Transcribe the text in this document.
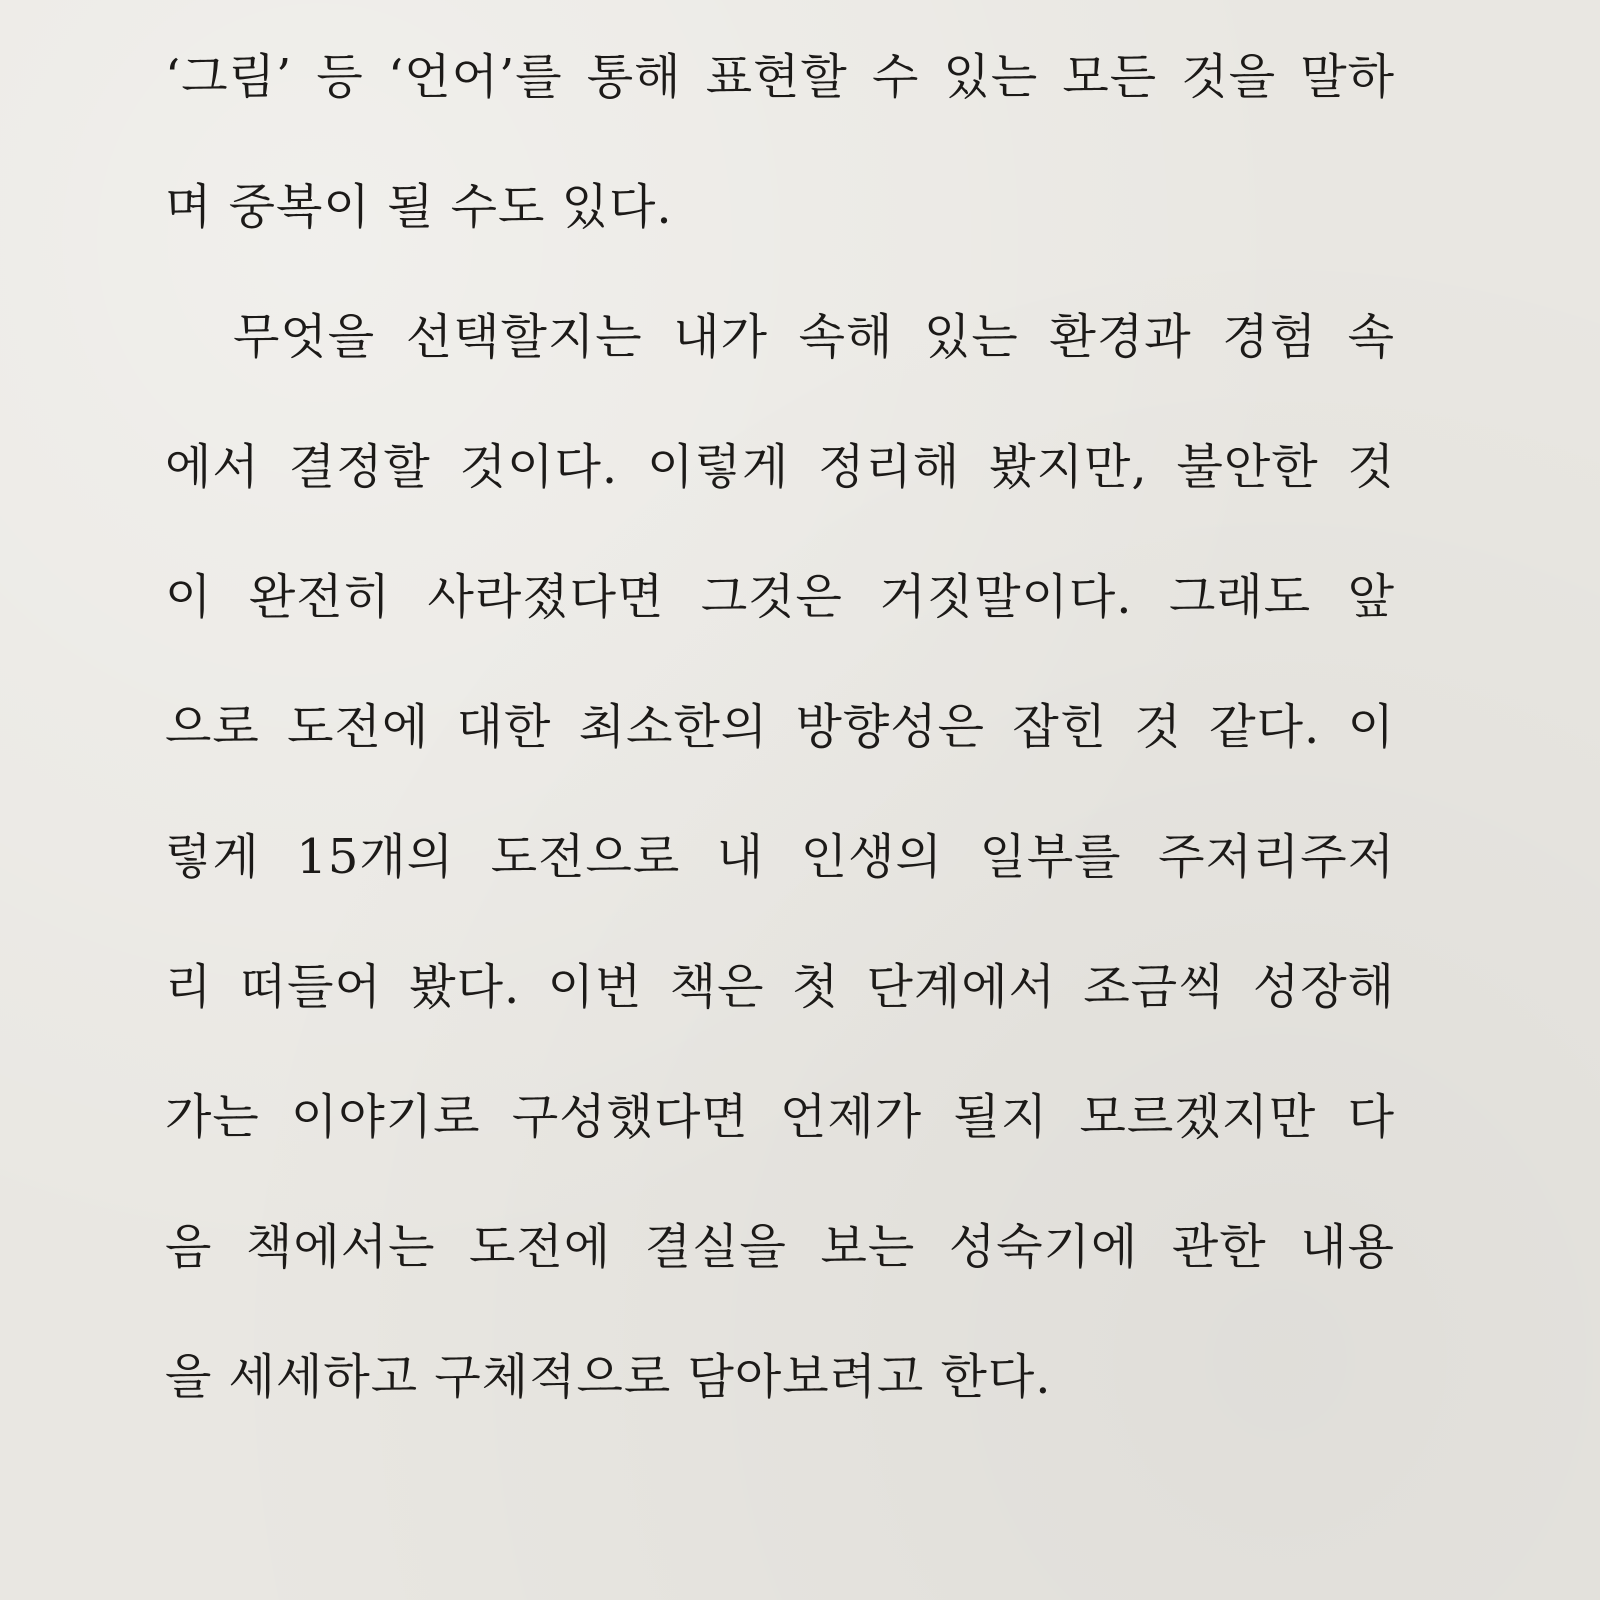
‘그림’ 등 ‘언어’를 통해 표현할 수 있는 모든 것을 말하
며 중복이 될 수도 있다.
무엇을 선택할지는 내가 속해 있는 환경과 경험 속
에서 결정할 것이다. 이렇게 정리해 봤지만, 불안한 것
이 완전히 사라졌다면 그것은 거짓말이다. 그래도 앞
으로 도전에 대한 최소한의 방향성은 잡힌 것 같다. 이
렇게 15개의 도전으로 내 인생의 일부를 주저리주저
리 떠들어 봤다. 이번 책은 첫 단계에서 조금씩 성장해
가는 이야기로 구성했다면 언제가 될지 모르겠지만 다
음 책에서는 도전에 결실을 보는 성숙기에 관한 내용
을 세세하고 구체적으로 담아보려고 한다.
